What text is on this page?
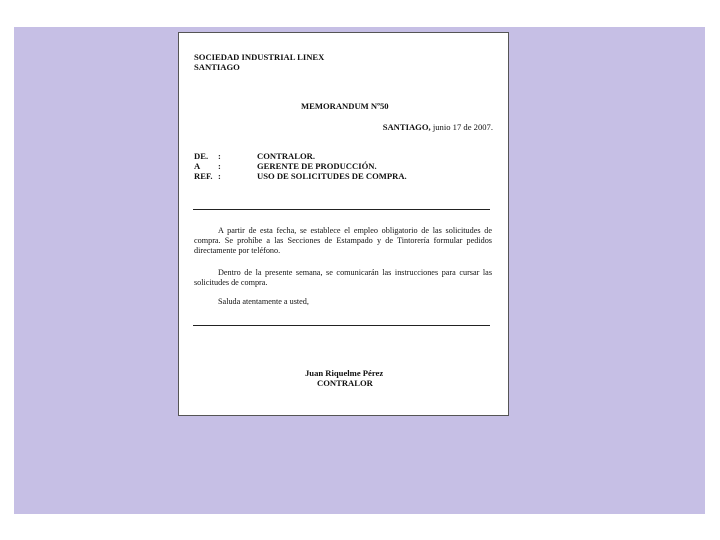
SOCIEDAD INDUSTRIAL LINEX
SANTIAGO
MEMORANDUM Nº50
SANTIAGO, junio 17 de 2007.
DE.	:	CONTRALOR.
A	:	GERENTE DE PRODUCCIÓN.
REF. :	USO DE SOLICITUDES DE COMPRA.
A partir de esta fecha, se establece el empleo obligatorio de las solicitudes de compra. Se prohíbe a las Secciones de Estampado y de Tintorería formular pedidos directamente por teléfono.
Dentro de la presente semana, se comunicarán las instrucciones para cursar las solicitudes de compra.
Saluda atentamente a usted,
Juan Riquelme Pérez
CONTRALOR
